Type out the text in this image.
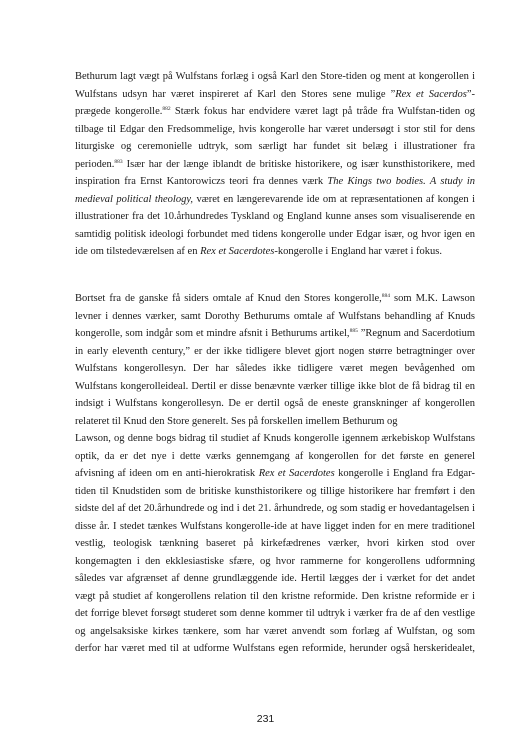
Bethurum lagt vægt på Wulfstans forlæg i også Karl den Store-tiden og ment at kongerollen i
Wulfstans udsyn har været inspireret af Karl den Stores sene mulige ”Rex et Sacerdos”-
prægede kongerolle.$^{882}$ Stærk fokus har endvidere været lagt på tråde fra Wulfstan-tiden og
tilbage til Edgar den Fredsommelige, hvis kongerolle har været undersøgt i stor stil for dens
liturgiske og ceremonielle udtryk, som særligt har fundet sit belæg i illustrationer fra
perioden.$^{883}$ Især har der længe iblandt de britiske historikere, og især kunsthistorikere, med
inspiration fra Ernst Kantorowiczs teori fra dennes værk The Kings two bodies. A study in
medieval political theology, været en længerevarende ide om at repræsentationen af kongen i
illustrationer fra det 10.århundredes Tyskland og England kunne anses som visualiserende en
samtidig politisk ideologi forbundet med tidens kongerolle under Edgar især, og hvor igen en
ide om tilstedeværelsen af en Rex et Sacerdotes-kongerolle i England har været i fokus.
Bortset fra de ganske få siders omtale af Knud den Stores kongerolle,$^{884}$ som M.K. Lawson
levner i dennes værker, samt Dorothy Bethurums omtale af Wulfstans behandling af Knuds
kongerolle, som indgår som et mindre afsnit i Bethurums artikel,$^{885}$ ”Regnum and Sacerdotium
in early eleventh century,” er der ikke tidligere blevet gjort nogen større betragtninger over
Wulfstans kongerollesyn. Der har således ikke tidligere været megen bevågenhed om
Wulfstans kongerolleideal. Dertil er disse benævnte værker tillige ikke blot de få bidrag til en
indsigt i Wulfstans kongerollesyn. De er dertil også de eneste granskninger af kongerollen
relateret til Knud den Store generelt. Ses på forskellen imellem Bethurum og
Lawson, og denne bogs bidrag til studiet af Knuds kongerolle igennem ærkebiskop Wulfstans
optik, da er det nye i dette værks gennemgang af kongerollen for det første en generel
afvisning af ideen om en anti-hierokratisk Rex et Sacerdotes kongerolle i England fra Edgar-
tiden til Knudstiden som de britiske kunsthistorikere og tillige historikere har fremført i den
sidste del af det 20.århundrede og ind i det 21. århundrede, og som stadig er hovedantagelsen i
disse år. I stedet tænkes Wulfstans kongerolle-ide at have ligget inden for en mere traditionel
vestlig, teologisk tænkning baseret på kirkefædrenes værker, hvori kirken stod over
kongemagten i den ekklesiastiske sfære, og hvor rammerne for kongerollens udformning
således var afgrænset af denne grundlæggende ide. Hertil lægges der i værket for det andet
vægt på studiet af kongerollens relation til den kristne reformide. Den kristne reformide er i
det forrige blevet forsøgt studeret som denne kommer til udtryk i værker fra de af den vestlige
og angelsaksiske kirkes tænkere, som har været anvendt som forlæg af Wulfstan, og som
derfor har været med til at udforme Wulfstans egen reformide, herunder også herskeridealet,
231
